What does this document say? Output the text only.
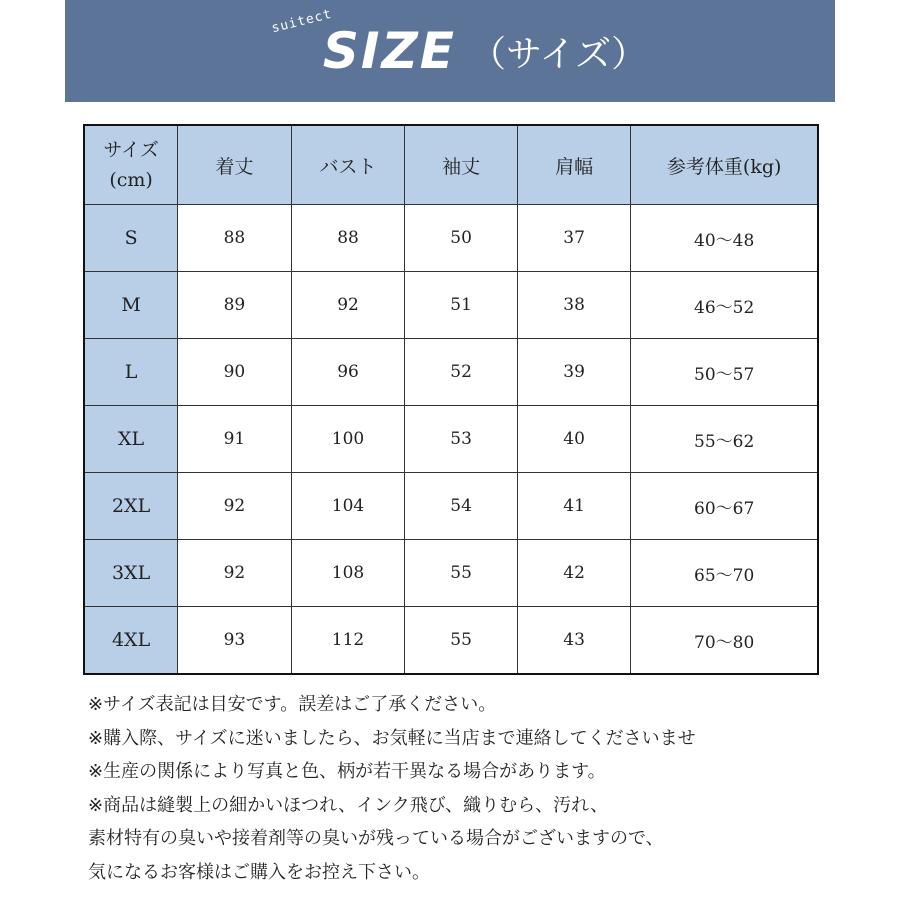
suitect
SIZE （サイズ）
サイズ
(cm)	着丈	バスト	袖丈	肩幅	参考体重(kg)
S	88	88	50	37	40〜48
M	89	92	51	38	46〜52
L	90	96	52	39	50〜57
XL	91	100	53	40	55〜62
2XL	92	104	54	41	60〜67
3XL	92	108	55	42	65〜70
4XL	93	112	55	43	70〜80
※サイズ表記は目安です。誤差はご了承ください。
※購入際、サイズに迷いましたら、お気軽に当店まで連絡してくださいませ
※生産の関係により写真と色、柄が若干異なる場合があります。
※商品は縫製上の細かいほつれ、インク飛び、織りむら、汚れ、
素材特有の臭いや接着剤等の臭いが残っている場合がございますので、
気になるお客様はご購入をお控え下さい。
